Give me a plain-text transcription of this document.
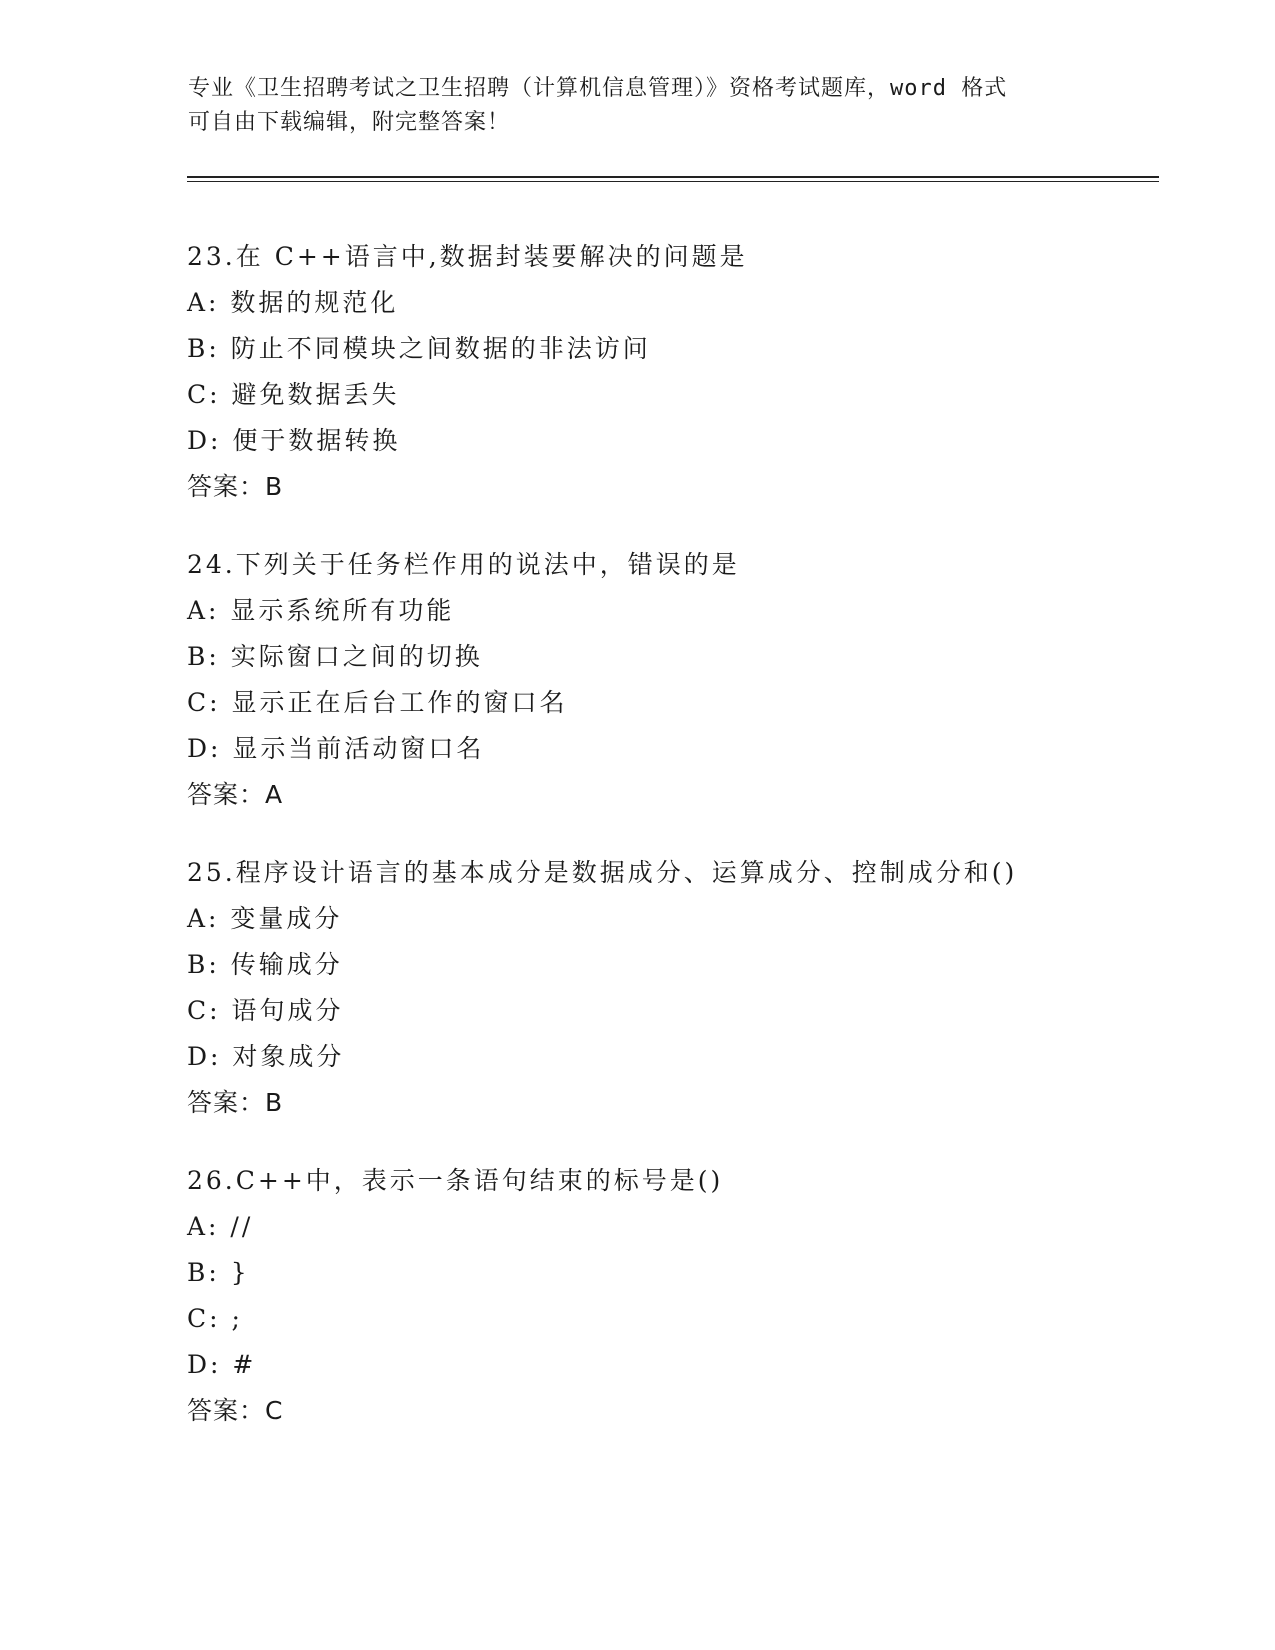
专业《卫生招聘考试之卫生招聘（计算机信息管理）》资格考试题库，word 格式
可自由下载编辑，附完整答案！
23.在 C++语言中,数据封装要解决的问题是
A: 数据的规范化
B: 防止不同模块之间数据的非法访问
C: 避免数据丢失
D: 便于数据转换
答案：B
24.下列关于任务栏作用的说法中，错误的是
A: 显示系统所有功能
B: 实际窗口之间的切换
C: 显示正在后台工作的窗口名
D: 显示当前活动窗口名
答案：A
25.程序设计语言的基本成分是数据成分、运算成分、控制成分和()
A: 变量成分
B: 传输成分
C: 语句成分
D: 对象成分
答案：B
26.C++中，表示一条语句结束的标号是()
A: //
B: }
C: ;
D: #
答案：C
